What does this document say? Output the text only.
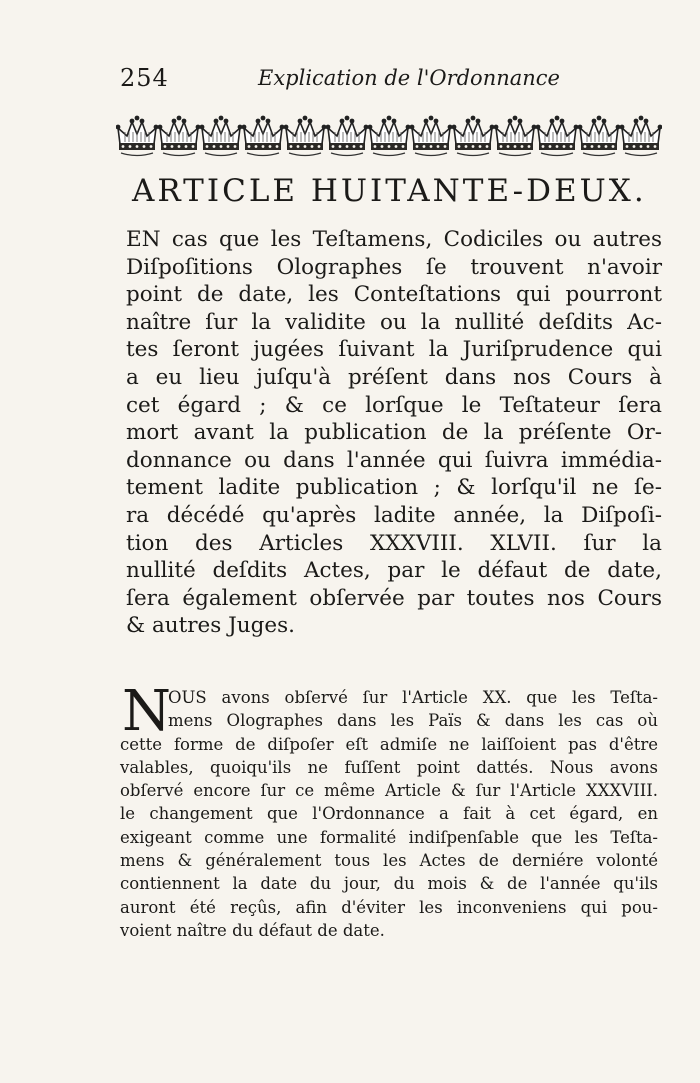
254	Explication de l'Ordonnance
ARTICLE HUITANTE-DEUX.
EN cas que les Teſtamens, Codiciles ou autres
Diſpoſitions Olographes ſe trouvent n'avoir
point de date, les Conteſtations qui pourront
naître ſur la validite ou la nullité deſdits Ac-
tes ſeront jugées ſuivant la Juriſprudence qui
a eu lieu juſqu'à préſent dans nos Cours à
cet égard ; & ce lorſque le Teſtateur ſera
mort avant la publication de la préſente Or-
donnance ou dans l'année qui ſuivra immédia-
tement ladite publication ; & lorſqu'il ne ſe-
ra décédé qu'après ladite année, la Diſpoſi-
tion des Articles XXXVIII. XLVII. ſur la
nullité deſdits Actes, par le défaut de date,
ſera également obſervée par toutes nos Cours
& autres Juges.
N
OUS avons obſervé ſur l'Article XX. que les Teſta-
mens Olographes dans les Païs & dans les cas où
cette forme de diſpoſer eſt admiſe ne laiſſoient pas d'être
valables, quoiqu'ils ne fuſſent point dattés. Nous avons
obſervé encore ſur ce même Article & ſur l'Article XXXVIII.
le changement que l'Ordonnance a fait à cet égard, en
exigeant comme une formalité indiſpenſable que les Teſta-
mens & généralement tous les Actes de derniére volonté
contiennent la date du jour, du mois & de l'année qu'ils
auront été reçûs, afin d'éviter les inconveniens qui pou-
voient naître du défaut de date.
